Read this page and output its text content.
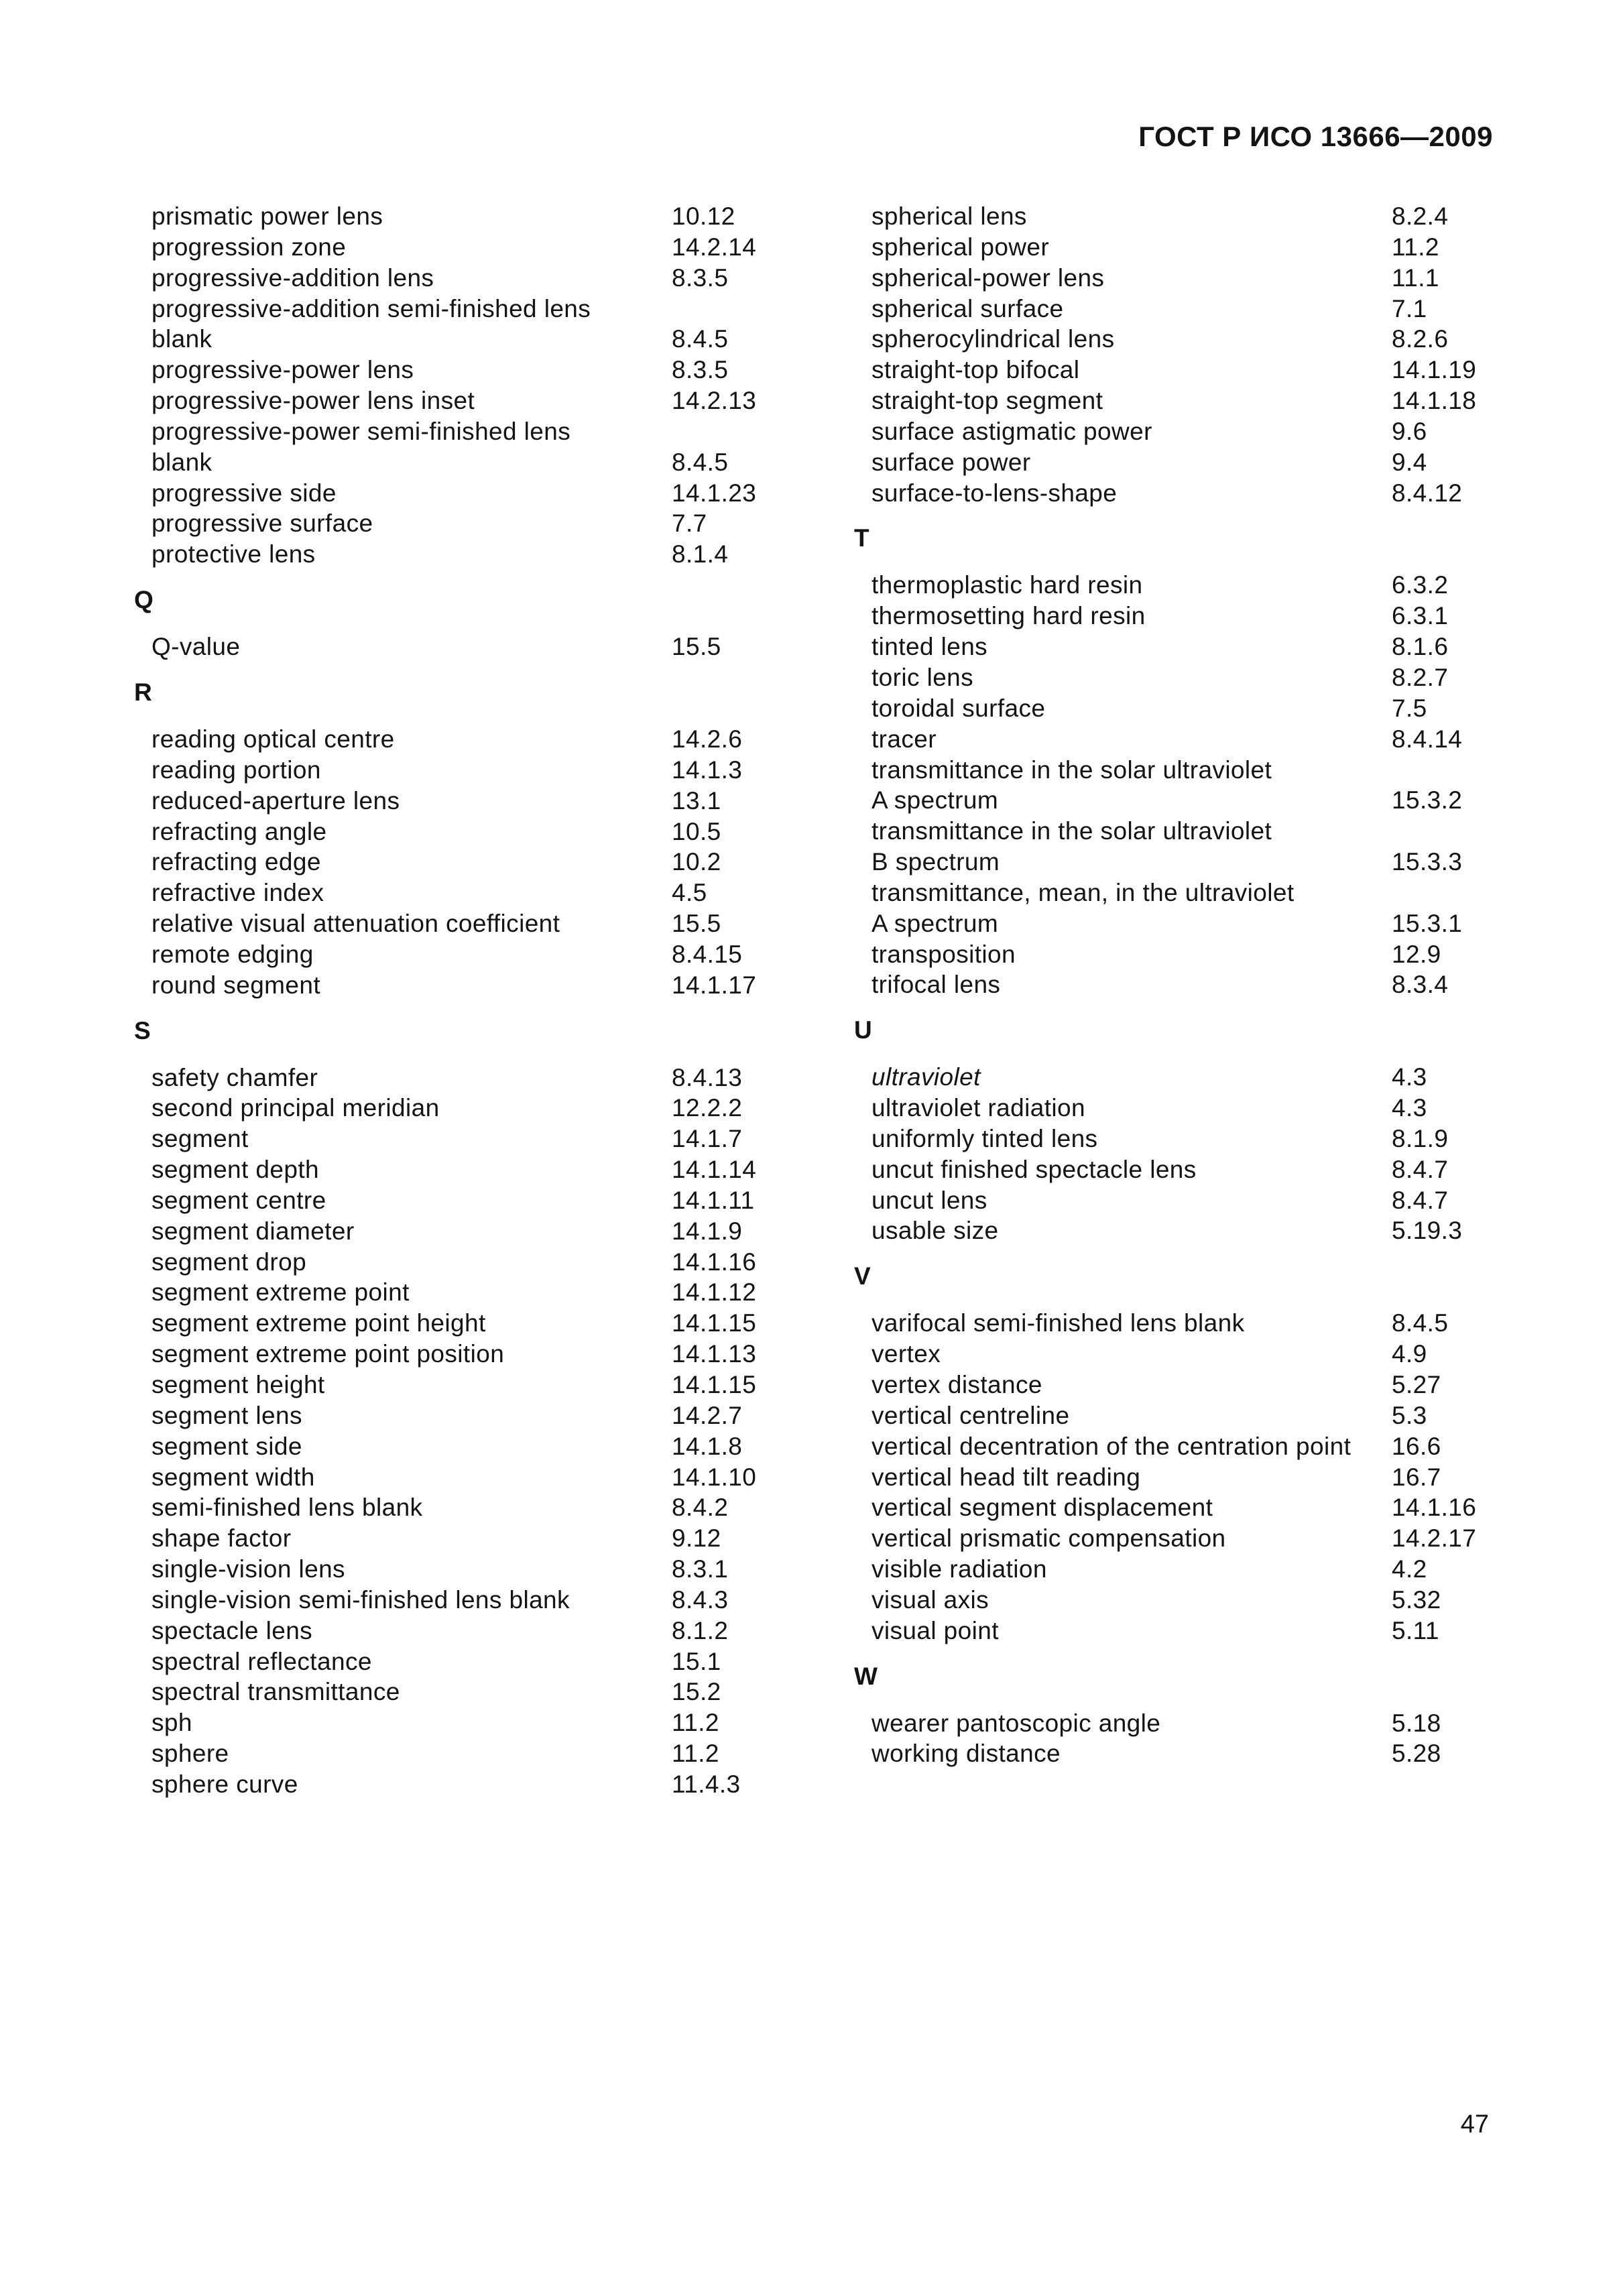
ГОСТ Р ИСО 13666—2009
prismatic power lens	10.12
progression zone	14.2.14
progressive-addition lens	8.3.5
progressive-addition semi-finished lens
blank	8.4.5
progressive-power lens	8.3.5
progressive-power lens inset	14.2.13
progressive-power semi-finished lens
blank	8.4.5
progressive side	14.1.23
progressive surface	7.7
protective lens	8.1.4
Q
Q-value	15.5
R
reading optical centre	14.2.6
reading portion	14.1.3
reduced-aperture lens	13.1
refracting angle	10.5
refracting edge	10.2
refractive index	4.5
relative visual attenuation coefficient	15.5
remote edging	8.4.15
round segment	14.1.17
S
safety chamfer	8.4.13
second principal meridian	12.2.2
segment	14.1.7
segment depth	14.1.14
segment centre	14.1.11
segment diameter	14.1.9
segment drop	14.1.16
segment extreme point	14.1.12
segment extreme point height	14.1.15
segment extreme point position	14.1.13
segment height	14.1.15
segment lens	14.2.7
segment side	14.1.8
segment width	14.1.10
semi-finished lens blank	8.4.2
shape factor	9.12
single-vision lens	8.3.1
single-vision semi-finished lens blank	8.4.3
spectacle lens	8.1.2
spectral reflectance	15.1
spectral transmittance	15.2
sph	11.2
sphere	11.2
sphere curve	11.4.3
spherical lens	8.2.4
spherical power	11.2
spherical-power lens	11.1
spherical surface	7.1
spherocylindrical lens	8.2.6
straight-top bifocal	14.1.19
straight-top segment	14.1.18
surface astigmatic power	9.6
surface power	9.4
surface-to-lens-shape	8.4.12
T
thermoplastic hard resin	6.3.2
thermosetting hard resin	6.3.1
tinted lens	8.1.6
toric lens	8.2.7
toroidal surface	7.5
tracer	8.4.14
transmittance in the solar ultraviolet
A spectrum	15.3.2
transmittance in the solar ultraviolet
B spectrum	15.3.3
transmittance, mean, in the ultraviolet
A spectrum	15.3.1
transposition	12.9
trifocal lens	8.3.4
U
ultraviolet	4.3
ultraviolet radiation	4.3
uniformly tinted lens	8.1.9
uncut finished spectacle lens	8.4.7
uncut lens	8.4.7
usable size	5.19.3
V
varifocal semi-finished lens blank	8.4.5
vertex	4.9
vertex distance	5.27
vertical centreline	5.3
vertical decentration of the centration point 16.6
vertical head tilt reading	16.7
vertical segment displacement	14.1.16
vertical prismatic compensation	14.2.17
visible radiation	4.2
visual axis	5.32
visual point	5.11
W
wearer pantoscopic angle	5.18
working distance	5.28
47
